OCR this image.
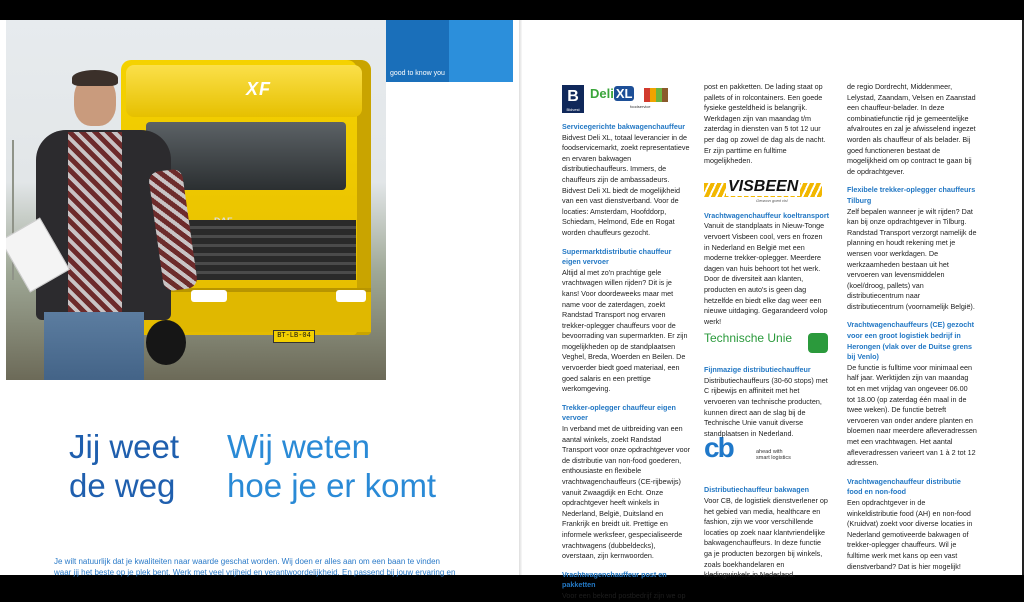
XF
BT-LB-04
good to know you
Jij weet
de weg
Wij weten
hoe je er komt
Je wilt natuurlijk dat je kwaliteiten naar waarde geschat worden. Wij doen er alles aan om een baan te vinden
waar jij het beste op je plek bent. Werk met veel vrijheid en verantwoordelijkheid. En passend bij jouw ervaring en
B
Bidvest
Deli XL
foodservice
VISBEEN
Gewoon goed vis!
Technische Unie
cb	ahead with
smart logistics
Servicegerichte bakwagenchauffeur

Bidvest Deli XL, totaal leverancier in de foodservicemarkt, zoekt representatieve en ervaren bakwagen distributiechauffeurs. Immers, de chauffeurs zijn de ambassadeurs. Bidvest Deli XL biedt de mogelijkheid van een vast dienstverband. Voor de locaties: Amsterdam, Hoofddorp, Schiedam, Helmond, Ede en Rogat worden chauffeurs gezocht.

Supermarktdistributie chauffeur eigen vervoer

Altijd al met zo'n prachtige gele vrachtwagen willen rijden? Dit is je kans! Voor doordeweeks maar met name voor de zaterdagen, zoekt Randstad Transport nog ervaren trekker-oplegger chauffeurs voor de bevoorrading van supermarkten. Er zijn mogelijkheden op de standplaatsen Veghel, Breda, Woerden en Beilen. De vervoerder biedt goed materiaal, een goed salaris en een prettige werkomgeving.

Trekker-oplegger chauffeur eigen vervoer

In verband met de uitbreiding van een aantal winkels, zoekt Randstad Transport voor onze opdrachtgever voor de distributie van non-food goederen, enthousiaste en flexibele vrachtwagenchauffeurs (CE-rijbewijs) vanuit Zwaagdijk en Echt. Onze opdrachtgever heeft winkels in Nederland, België, Duitsland en Frankrijk en breidt uit. Prettige en informele werksfeer, gespecialiseerde vrachtwagens (dubbeldecks), overstaan, zijn kernwoorden.

Vrachtwagenchauffeur post en pakketten

Voor een bekend postbedrijf zijn we op

post en pakketten. De lading staat op pallets of in rolcontainers. Een goede fysieke gesteldheid is belangrijk. Werkdagen zijn van maandag t/m zaterdag in diensten van 5 tot 12 uur per dag op zowel de dag als de nacht. Er zijn parttime en fulltime mogelijkheden.

Vrachtwagenchauffeur koeltransport

Vanuit de standplaats in Nieuw-Tonge vervoert Visbeen cool, vers en frozen in Nederland en België met een moderne trekker-oplegger. Meerdere dagen van huis behoort tot het werk. Door de diversiteit aan klanten, producten en auto's is geen dag hetzelfde en biedt elke dag weer een nieuwe uitdaging. Gegarandeerd volop werk!

Fijnmazige distributiechauffeur

Distributiechauffeurs (30-60 stops) met C rijbewijs en affiniteit met het vervoeren van technische producten, kunnen direct aan de slag bij de Technische Unie vanuit diverse standplaatsen in Nederland.

Distributiechauffeur bakwagen

Voor CB, de logistiek dienstverlener op het gebied van media, healthcare en fashion, zijn we voor verschillende locaties op zoek naar klantvriendelijke bakwagenchauffeurs. In deze functie ga je producten bezorgen bij winkels, zoals boekhandelaren en kledingwinkels in Nederland.

de regio Dordrecht, Middenmeer, Lelystad, Zaandam, Velsen en Zaanstad een chauffeur-belader. In deze combinatiefunctie rijd je gemeentelijke afvalroutes en zal je afwisselend ingezet worden als chauffeur of als belader. Bij goed functioneren bestaat de mogelijkheid om op contract te gaan bij de opdrachtgever.

Flexibele trekker-oplegger chauffeurs Tilburg

Zelf bepalen wanneer je wilt rijden? Dat kan bij onze opdrachtgever in Tilburg. Randstad Transport verzorgt namelijk de planning en houdt rekening met je wensen voor werkdagen. De werkzaamheden bestaan uit het vervoeren van levensmiddelen (koel/droog, pallets) van distributiecentrum naar distributiecentrum (voornamelijk België).

Vrachtwagenchauffeurs (CE) gezocht voor een groot logistiek bedrijf in Herongen (vlak over de Duitse grens bij Venlo)

De functie is fulltime voor minimaal een half jaar. Werktijden zijn van maandag tot en met vrijdag van ongeveer 06.00 tot 18.00 (op zaterdag één maal in de twee weken). De functie betreft vervoeren van onder andere planten en bloemen naar meerdere afleveradressen met een vrachtwagen. Het aantal afleveradressen varieert van 1 à 2 tot 12 adressen.

Vrachtwagenchauffeur distributie food en non-food

Een opdrachtgever in de winkeldistributie food (AH) en non-food (Kruidvat) zoekt voor diverse locaties in Nederland gemotiveerde bakwagen of trekker-oplegger chauffeurs. Wil je fulltime werk met kans op een vast dienstverband? Dat is hier mogelijk!
